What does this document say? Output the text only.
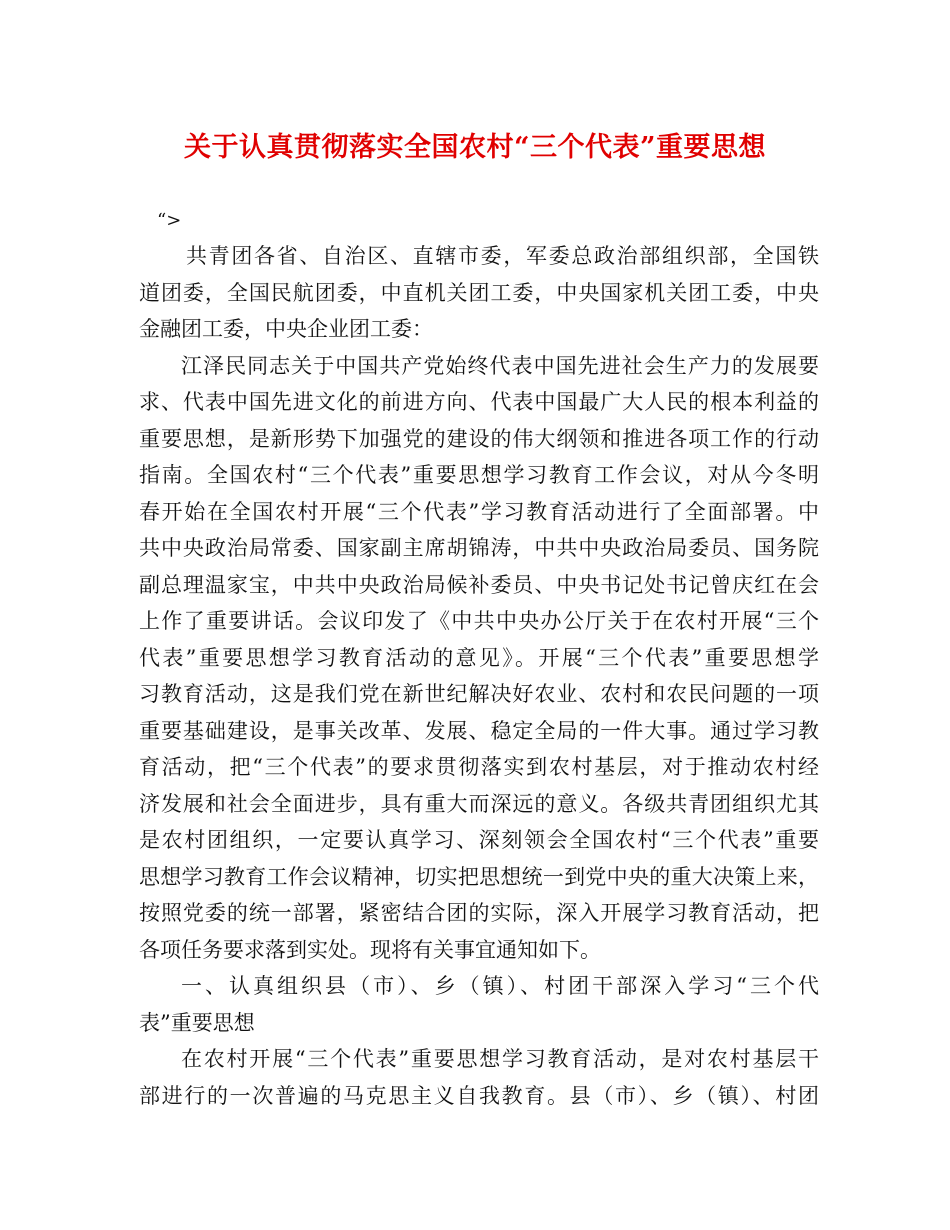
关于认真贯彻落实全国农村“三个代表”重要思想
“>
共青团各省、自治区、直辖市委，军委总政治部组织部，全国铁
道团委，全国民航团委，中直机关团工委，中央国家机关团工委，中央
金融团工委，中央企业团工委：
江泽民同志关于中国共产党始终代表中国先进社会生产力的发展要
求、代表中国先进文化的前进方向、代表中国最广大人民的根本利益的
重要思想，是新形势下加强党的建设的伟大纲领和推进各项工作的行动
指南。全国农村“三个代表”重要思想学习教育工作会议，对从今冬明
春开始在全国农村开展“三个代表”学习教育活动进行了全面部署。中
共中央政治局常委、国家副主席胡锦涛，中共中央政治局委员、国务院
副总理温家宝，中共中央政治局候补委员、中央书记处书记曾庆红在会
上作了重要讲话。会议印发了《中共中央办公厅关于在农村开展“三个
代表”重要思想学习教育活动的意见》。开展“三个代表”重要思想学
习教育活动，这是我们党在新世纪解决好农业、农村和农民问题的一项
重要基础建设，是事关改革、发展、稳定全局的一件大事。通过学习教
育活动，把“三个代表”的要求贯彻落实到农村基层，对于推动农村经
济发展和社会全面进步，具有重大而深远的意义。各级共青团组织尤其
是农村团组织，一定要认真学习、深刻领会全国农村“三个代表”重要
思想学习教育工作会议精神，切实把思想统一到党中央的重大决策上来，
按照党委的统一部署，紧密结合团的实际，深入开展学习教育活动，把
各项任务要求落到实处。现将有关事宜通知如下。
一、认真组织县（市）、乡（镇）、村团干部深入学习“三个代
表”重要思想
在农村开展“三个代表”重要思想学习教育活动，是对农村基层干
部进行的一次普遍的马克思主义自我教育。县（市）、乡（镇）、村团
